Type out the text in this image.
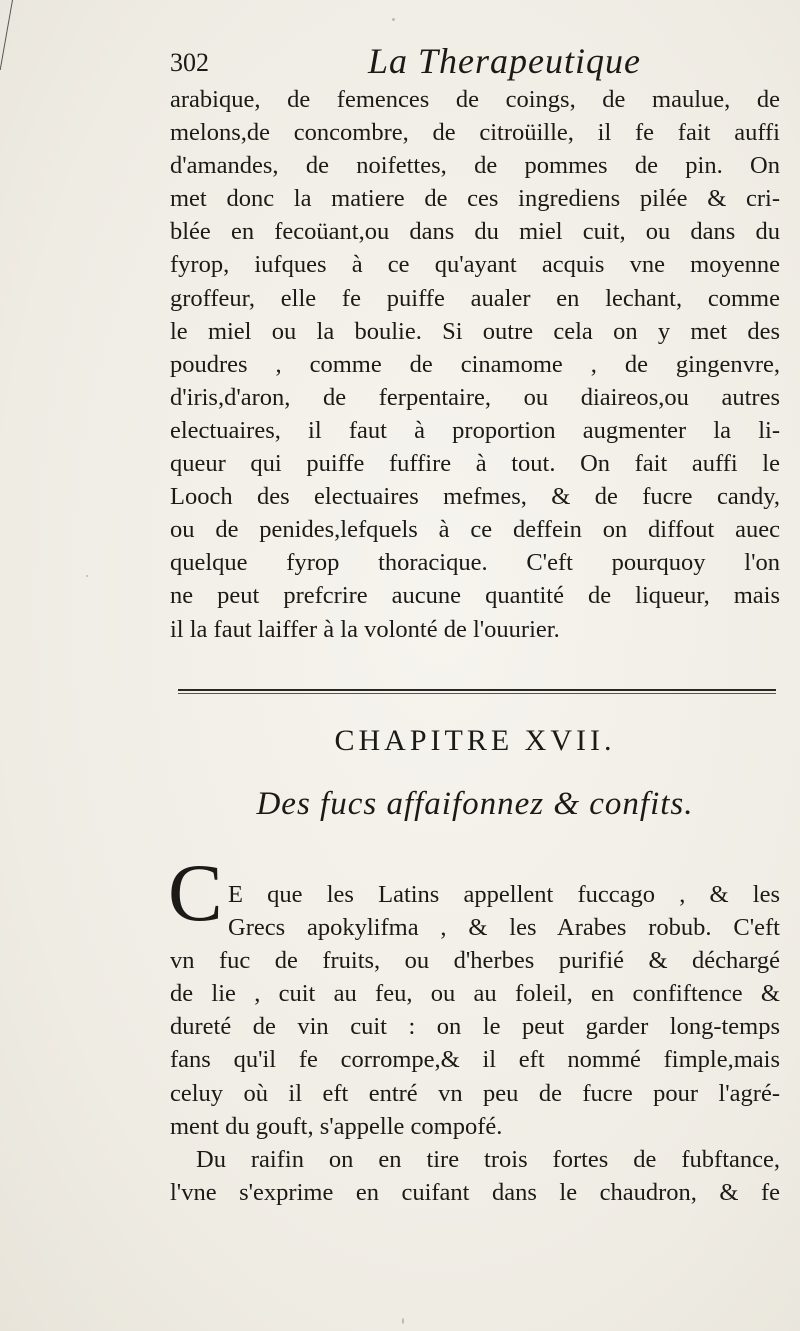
302	La Therapeutique
arabique, de femences de coings, de maulue, de
melons,de concombre, de citroüille, il fe fait auffi
d'amandes, de noifettes, de pommes de pin. On
met donc la matiere de ces ingrediens pilée & cri-
blée en fecoüant,ou dans du miel cuit, ou dans du
fyrop, iufques à ce qu'ayant acquis vne moyenne
groffeur, elle fe puiffe aualer en lechant, comme
le miel ou la boulie. Si outre cela on y met des
poudres , comme de cinamome , de gingenvre,
d'iris,d'aron, de ferpentaire, ou diaireos,ou autres
electuaires, il faut à proportion augmenter la li-
queur qui puiffe fuffire à tout. On fait auffi le
Looch des electuaires mefmes, & de fucre candy,
ou de penides,lefquels à ce deffein on diffout auec
quelque fyrop thoracique. C'eft pourquoy l'on
ne peut prefcrire aucune quantité de liqueur, mais
il la faut laiffer à la volonté de l'ouurier.
CHAPITRE XVII.
Des fucs affaifonnez & confits.
C E que les Latins appellent fuccago , & les
Grecs apokylifma , & les Arabes robub. C'eft
vn fuc de fruits, ou d'herbes purifié & déchargé
de lie , cuit au feu, ou au foleil, en confiftence &
dureté de vin cuit : on le peut garder long-temps
fans qu'il fe corrompe,& il eft nommé fimple,mais
celuy où il eft entré vn peu de fucre pour l'agré-
ment du gouft, s'appelle compofé.
Du raifin on en tire trois fortes de fubftance,
l'vne s'exprime en cuifant dans le chaudron, & fe
